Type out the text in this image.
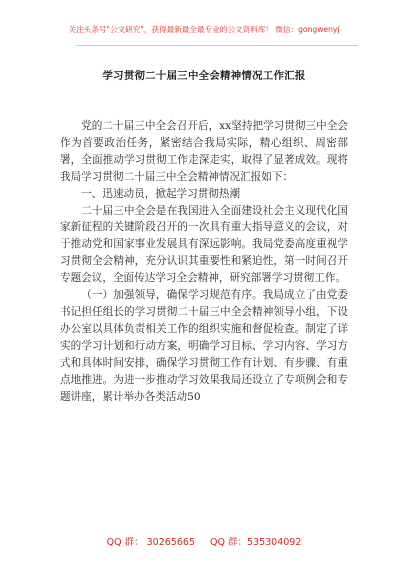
关注头条号"公文研究"，获得最新最全最专业的公文资料库！ 微信：gongwenyj
学习贯彻二十届三中全会精神情况工作汇报

党的二十届三中全会召开后，xx坚持把学习贯彻三中全会作为首要政治任务，紧密结合我局实际，精心组织、周密部署，全面推动学习贯彻工作走深走实，取得了显著成效。现将我局学习贯彻二十届三中全会精神情况汇报如下：

一、迅速动员，掀起学习贯彻热潮

二十届三中全会是在我国进入全面建设社会主义现代化国家新征程的关键阶段召开的一次具有重大指导意义的会议，对于推动党和国家事业发展具有深远影响。我局党委高度重视学习贯彻全会精神，充分认识其重要性和紧迫性，第一时间召开专题会议，全面传达学习全会精神，研究部署学习贯彻工作。

（一）加强领导，确保学习规范有序。我局成立了由党委书记担任组长的学习贯彻二十届三中全会精神领导小组，下设办公室以具体负责相关工作的组织实施和督促检查。制定了详实的学习计划和行动方案，明确学习目标、学习内容、学习方式和具体时间安排，确保学习贯彻工作有计划、有步骤、有重点地推进。为进一步推动学习效果我局还设立了专项例会和专题讲座，累计举办各类活动50

QQ 群： 30265665 QQ 群：535304092
